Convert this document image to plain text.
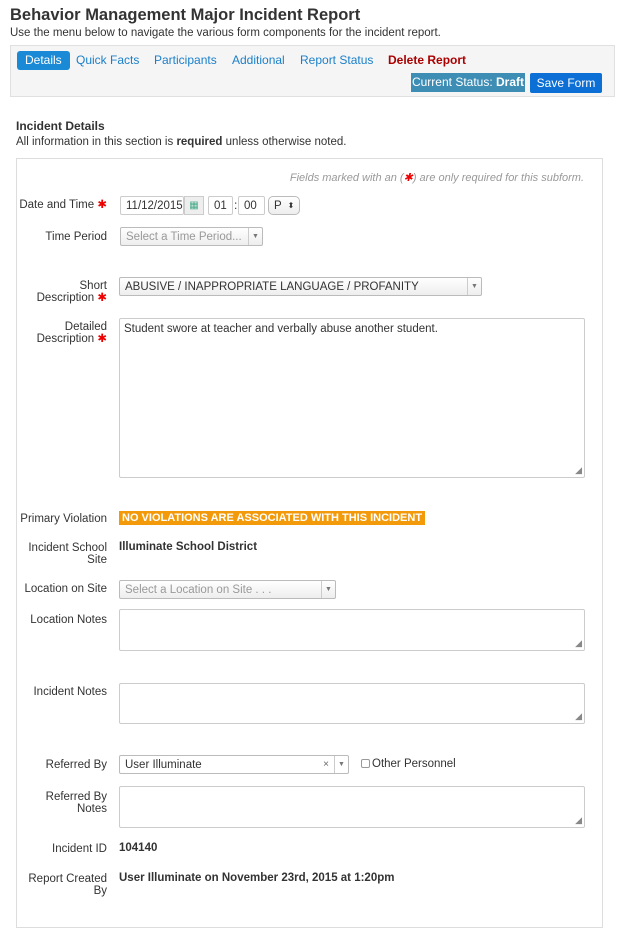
Behavior Management Major Incident Report
Use the menu below to navigate the various form components for the incident report.
Details	Quick Facts Participants Additional Report Status Delete Report
Current Status: Draft	Save Form
Incident Details
All information in this section is required unless otherwise noted.
Fields marked with an (✱) are only required for this subform.
Date and Time ✱	11/12/2015 ▦	01 : 00	P ⬍
Time Period Select a Time Period...	▼
Short Description ✱
ABUSIVE / INAPPROPRIATE LANGUAGE / PROFANITY	▼
Detailed Description ✱
Student swore at teacher and verbally abuse another student.
◢
Primary Violation NO VIOLATIONS ARE ASSOCIATED WITH THIS INCIDENT
Incident School Site
Illuminate School District
Location on Site Select a Location on Site . . .	▼
Location Notes
◢
Incident Notes
◢
Referred By User Illuminate	×	▼ Other Personnel
Referred By Notes
◢
Incident ID 104140
Report Created By
User Illuminate on November 23rd, 2015 at 1:20pm
